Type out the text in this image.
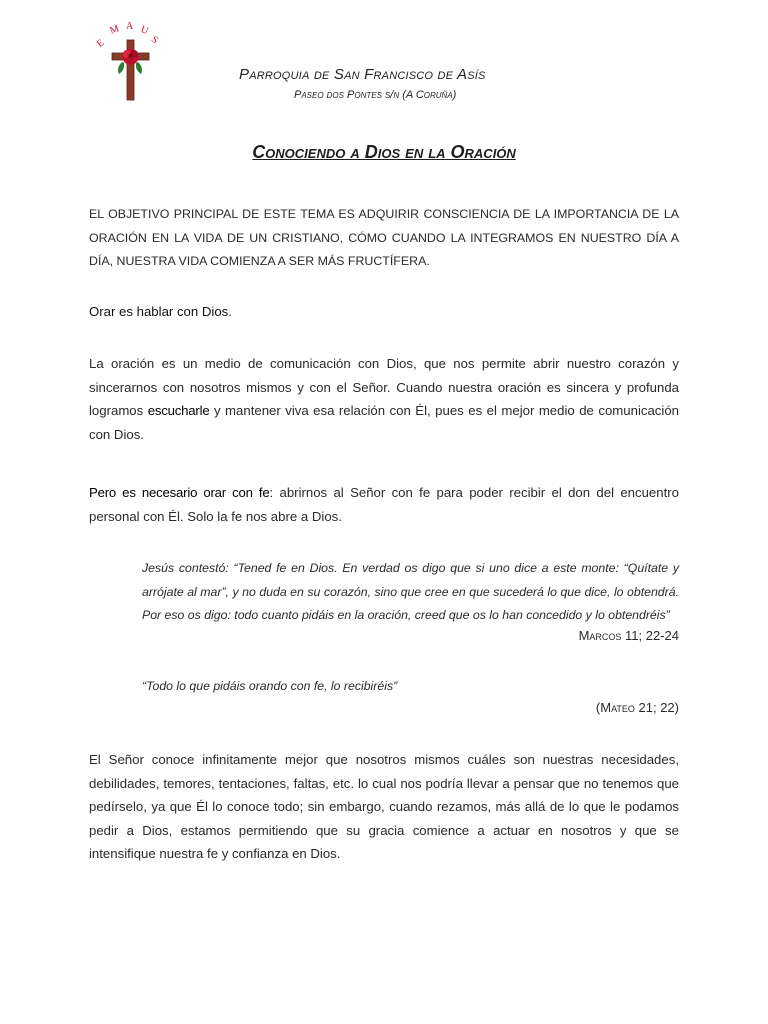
E
M A U
S

Parroquia de San Francisco de Asís

Paseo dos Pontes s/n (A Coruña)

Conociendo a Dios en la Oración

EL OBJETIVO PRINCIPAL DE ESTE TEMA ES ADQUIRIR CONSCIENCIA DE LA IMPORTANCIA DE LA ORACIÓN EN LA VIDA DE UN CRISTIANO, CÓMO CUANDO LA INTEGRAMOS EN NUESTRO DÍA A DÍA, NUESTRA VIDA COMIENZA A SER MÁS FRUCTÍFERA.

Orar es hablar con Dios.

La oración es un medio de comunicación con Dios, que nos permite abrir nuestro corazón y sincerarnos con nosotros mismos y con el Señor. Cuando nuestra oración es sincera y profunda logramos escucharle y mantener viva esa relación con Él, pues es el mejor medio de comunicación con Dios.

Pero es necesario orar con fe: abrirnos al Señor con fe para poder recibir el don del encuentro personal con Él. Solo la fe nos abre a Dios.

Jesús contestó: “Tened fe en Dios. En verdad os digo que si uno dice a este monte: “Quítate y arrójate al mar”, y no duda en su corazón, sino que cree en que sucederá lo que dice, lo obtendrá. Por eso os digo: todo cuanto pidáis en la oración, creed que os lo han concedido y lo obtendréis”

Marcos 11; 22-24

“Todo lo que pidáis orando con fe, lo recibiréis”

(Mateo 21; 22)

El Señor conoce infinitamente mejor que nosotros mismos cuáles son nuestras necesidades, debilidades, temores, tentaciones, faltas, etc. lo cual nos podría llevar a pensar que no tenemos que pedírselo, ya que Él lo conoce todo; sin embargo, cuando rezamos, más allá de lo que le podamos pedir a Dios, estamos permitiendo que su gracia comience a actuar en nosotros y que se intensifique nuestra fe y confianza en Dios.
